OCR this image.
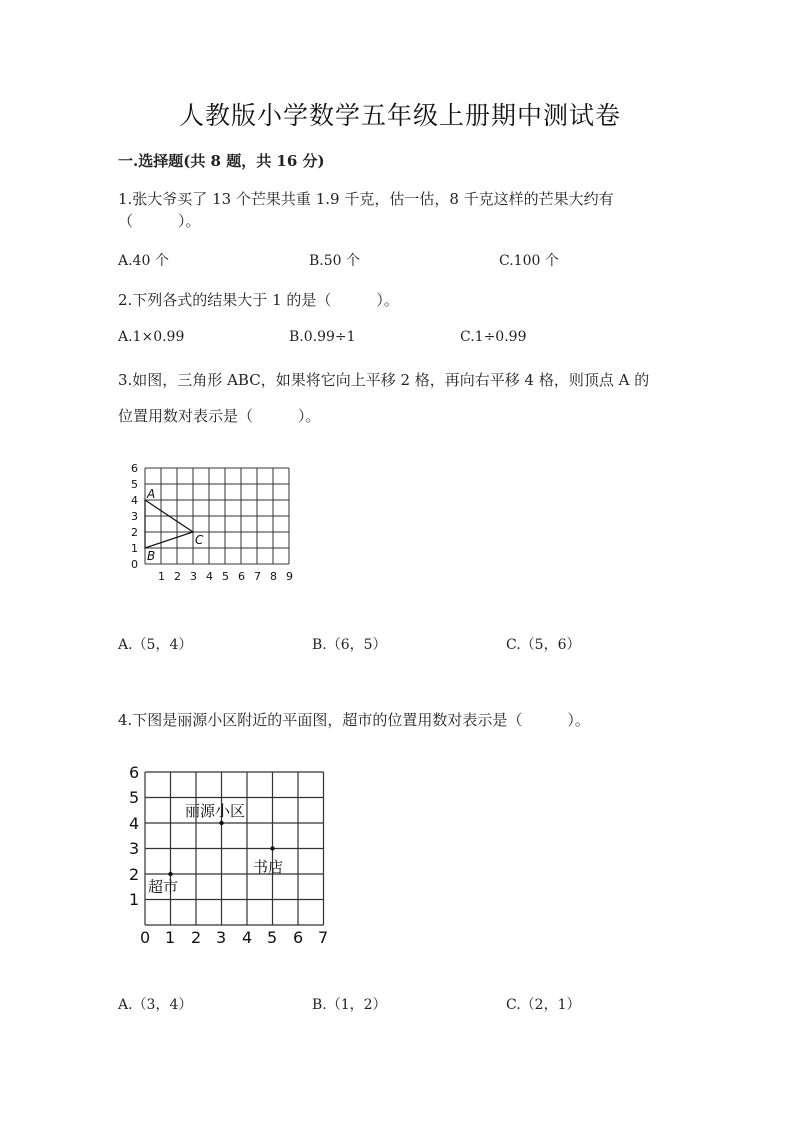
人教版小学数学五年级上册期中测试卷
一.选择题(共 8 题，共 16 分)
1.张大爷买了 13 个芒果共重 1.9 千克，估一估，8 千克这样的芒果大约有
（　　　）。
A.40 个	B.50 个	C.100 个
2.下列各式的结果大于 1 的是（　　　）。
A.1×0.99	B.0.99÷1	C.1÷0.99
3.如图，三角形 ABC，如果将它向上平移 2 格，再向右平移 4 格，则顶点 A 的
位置用数对表示是（　　　）。
6
5
4
3
2
1
0
1 2 3 4 5 6 7 8 9
A
B
C
A.（5，4）	B.（6，5）	C.（5，6）
4.下图是丽源小区附近的平面图，超市的位置用数对表示是（　　　）。
6
5
4
3
2
1
0 1 2 3 4 5 6 7
丽源小区
超市
书店
A.（3，4）	B.（1，2）	C.（2，1）
